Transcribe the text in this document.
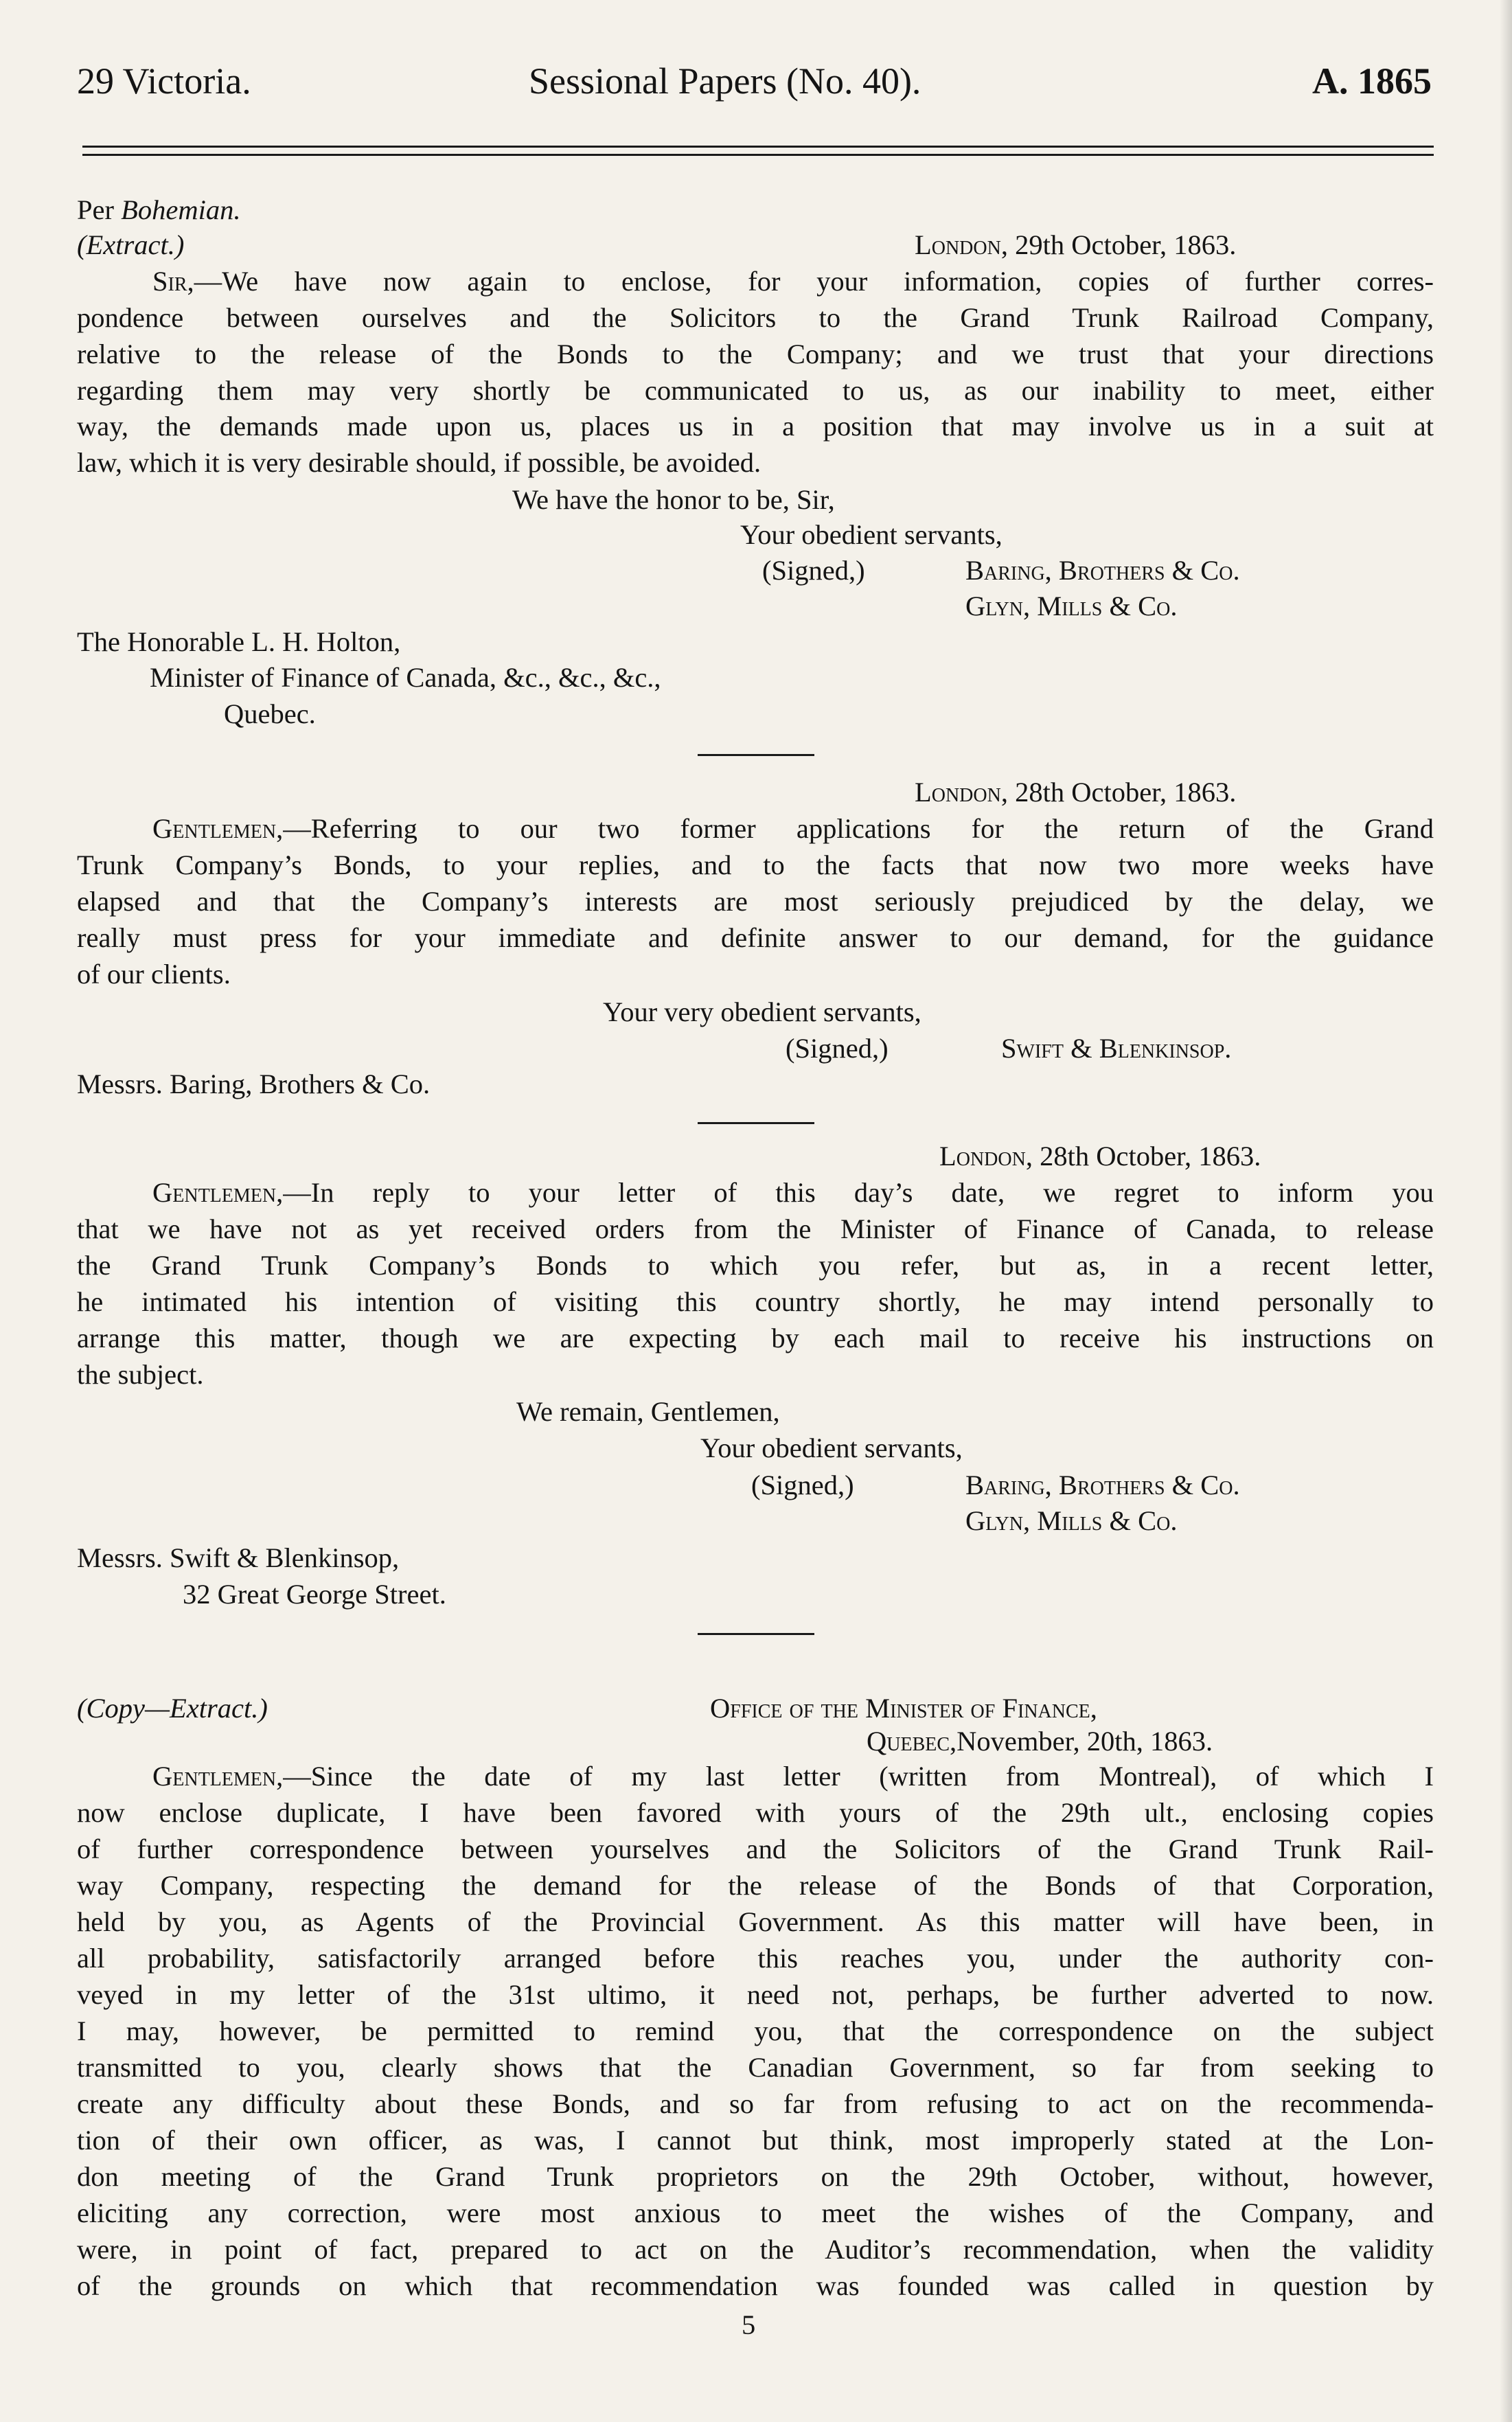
29 Victoria.	Sessional Papers (No. 40).	A. 1865
Per Bohemian.
(Extract.)	London, 29th October, 1863.
Sir,—We have now again to enclose, for your information, copies of further corres-
pondence between ourselves and the Solicitors to the Grand Trunk Railroad Company,
relative to the release of the Bonds to the Company; and we trust that your directions
regarding them may very shortly be communicated to us, as our inability to meet, either
way, the demands made upon us, places us in a position that may involve us in a suit at
law, which it is very desirable should, if possible, be avoided.
We have the honor to be, Sir,
Your obedient servants,
(Signed,)	Baring, Brothers & Co.
Glyn, Mills & Co.
The Honorable L. H. Holton,
Minister of Finance of Canada, &c., &c., &c.,
Quebec.
London, 28th October, 1863.
Gentlemen,—Referring to our two former applications for the return of the Grand
Trunk Company’s Bonds, to your replies, and to the facts that now two more weeks have
elapsed and that the Company’s interests are most seriously prejudiced by the delay, we
really must press for your immediate and definite answer to our demand, for the guidance
of our clients.
Your very obedient servants,
(Signed,)	Swift & Blenkinsop.
Messrs. Baring, Brothers & Co.
London, 28th October, 1863.
Gentlemen,—In reply to your letter of this day’s date, we regret to inform you
that we have not as yet received orders from the Minister of Finance of Canada, to release
the Grand Trunk Company’s Bonds to which you refer, but as, in a recent letter,
he intimated his intention of visiting this country shortly, he may intend personally to
arrange this matter, though we are expecting by each mail to receive his instructions on
the subject.
We remain, Gentlemen,
Your obedient servants,
(Signed,)	Baring, Brothers & Co.
Glyn, Mills & Co.
Messrs. Swift & Blenkinsop,
32 Great George Street.
(Copy—Extract.)	Office of the Minister of Finance,
Quebec,November, 20th, 1863.
Gentlemen,—Since the date of my last letter (written from Montreal), of which I
now enclose duplicate, I have been favored with yours of the 29th ult., enclosing copies
of further correspondence between yourselves and the Solicitors of the Grand Trunk Rail-
way Company, respecting the demand for the release of the Bonds of that Corporation,
held by you, as Agents of the Provincial Government. As this matter will have been, in
all probability, satisfactorily arranged before this reaches you, under the authority con-
veyed in my letter of the 31st ultimo, it need not, perhaps, be further adverted to now.
I may, however, be permitted to remind you, that the correspondence on the subject
transmitted to you, clearly shows that the Canadian Government, so far from seeking to
create any difficulty about these Bonds, and so far from refusing to act on the recommenda-
tion of their own officer, as was, I cannot but think, most improperly stated at the Lon-
don meeting of the Grand Trunk proprietors on the 29th October, without, however,
eliciting any correction, were most anxious to meet the wishes of the Company, and
were, in point of fact, prepared to act on the Auditor’s recommendation, when the validity
of the grounds on which that recommendation was founded was called in question by
5
